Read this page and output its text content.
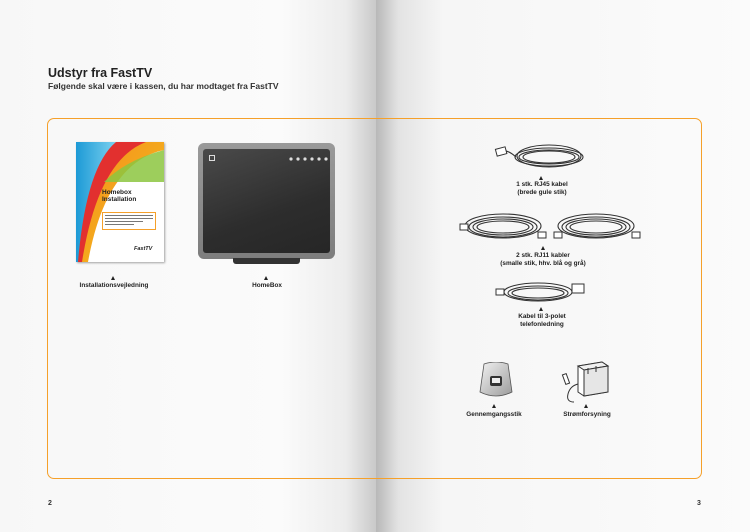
Udstyr fra FastTV
Følgende skal være i kassen, du har modtaget fra FastTV
Homebox
Installation
FastTV
Installationsvejledning	HomeBox
1 stk. RJ45 kabel
(brede gule stik)
2 stk. RJ11 kabler
(smalle stik, hhv. blå og grå)
Kabel til 3-polet
telefonledning
Gennemgangsstik	Strømforsyning
2	3
